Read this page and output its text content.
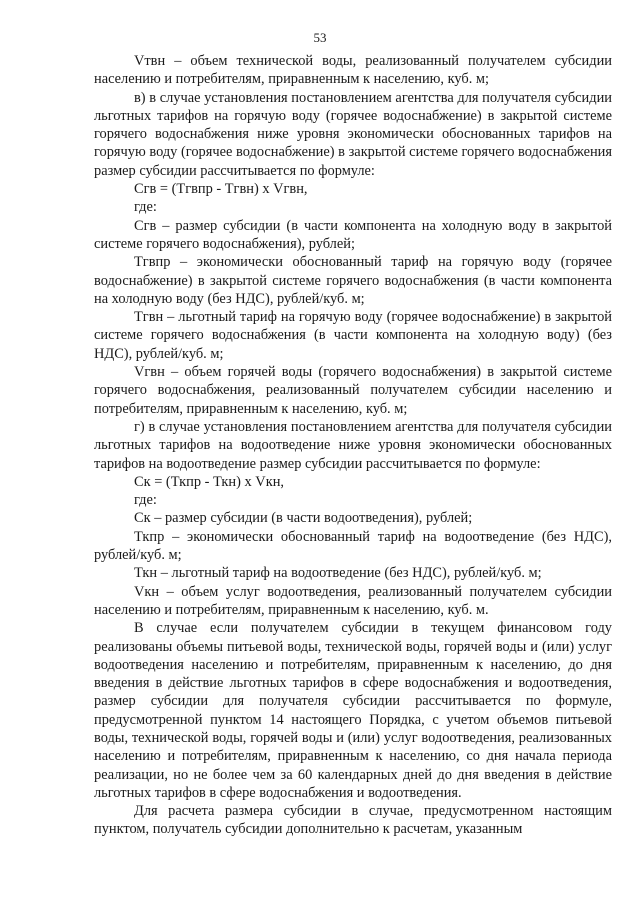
53

Vтвн – объем технической воды, реализованный получателем субсидии населению и потребителям, приравненным к населению, куб. м;

в) в случае установления постановлением агентства для получателя субсидии льготных тарифов на горячую воду (горячее водоснабжение) в закрытой системе горячего водоснабжения ниже уровня экономически обоснованных тарифов на горячую воду (горячее водоснабжение) в закрытой системе горячего водоснабжения размер субсидии рассчитывается по формуле:

Сгв = (Тгвпр - Тгвн) х Vгвн,

где:

Сгв – размер субсидии (в части компонента на холодную воду в закрытой системе горячего водоснабжения), рублей;

Тгвпр – экономически обоснованный тариф на горячую воду (горячее водоснабжение) в закрытой системе горячего водоснабжения (в части компонента на холодную воду (без НДС), рублей/куб. м;

Тгвн – льготный тариф на горячую воду (горячее водоснабжение) в закрытой системе горячего водоснабжения (в части компонента на холодную воду) (без НДС), рублей/куб. м;

Vгвн – объем горячей воды (горячего водоснабжения) в закрытой системе горячего водоснабжения, реализованный получателем субсидии населению и потребителям, приравненным к населению, куб. м;

г) в случае установления постановлением агентства для получателя субсидии льготных тарифов на водоотведение ниже уровня экономически обоснованных тарифов на водоотведение размер субсидии рассчитывается по формуле:

Ск = (Ткпр - Ткн) х Vкн,

где:

Ск – размер субсидии (в части водоотведения), рублей;

Ткпр – экономически обоснованный тариф на водоотведение (без НДС), рублей/куб. м;

Ткн – льготный тариф на водоотведение (без НДС), рублей/куб. м;

Vкн – объем услуг водоотведения, реализованный получателем субсидии населению и потребителям, приравненным к населению, куб. м.

В случае если получателем субсидии в текущем финансовом году реализованы объемы питьевой воды, технической воды, горячей воды и (или) услуг водоотведения населению и потребителям, приравненным к населению, до дня введения в действие льготных тарифов в сфере водоснабжения и водоотведения, размер субсидии для получателя субсидии рассчитывается по формуле, предусмотренной пунктом 14 настоящего Порядка, с учетом объемов питьевой воды, технической воды, горячей воды и (или) услуг водоотведения, реализованных населению и потребителям, приравненным к населению, со дня начала периода реализации, но не более чем за 60 календарных дней до дня введения в действие льготных тарифов в сфере водоснабжения и водоотведения.

Для расчета размера субсидии в случае, предусмотренном настоящим пунктом, получатель субсидии дополнительно к расчетам, указанным
